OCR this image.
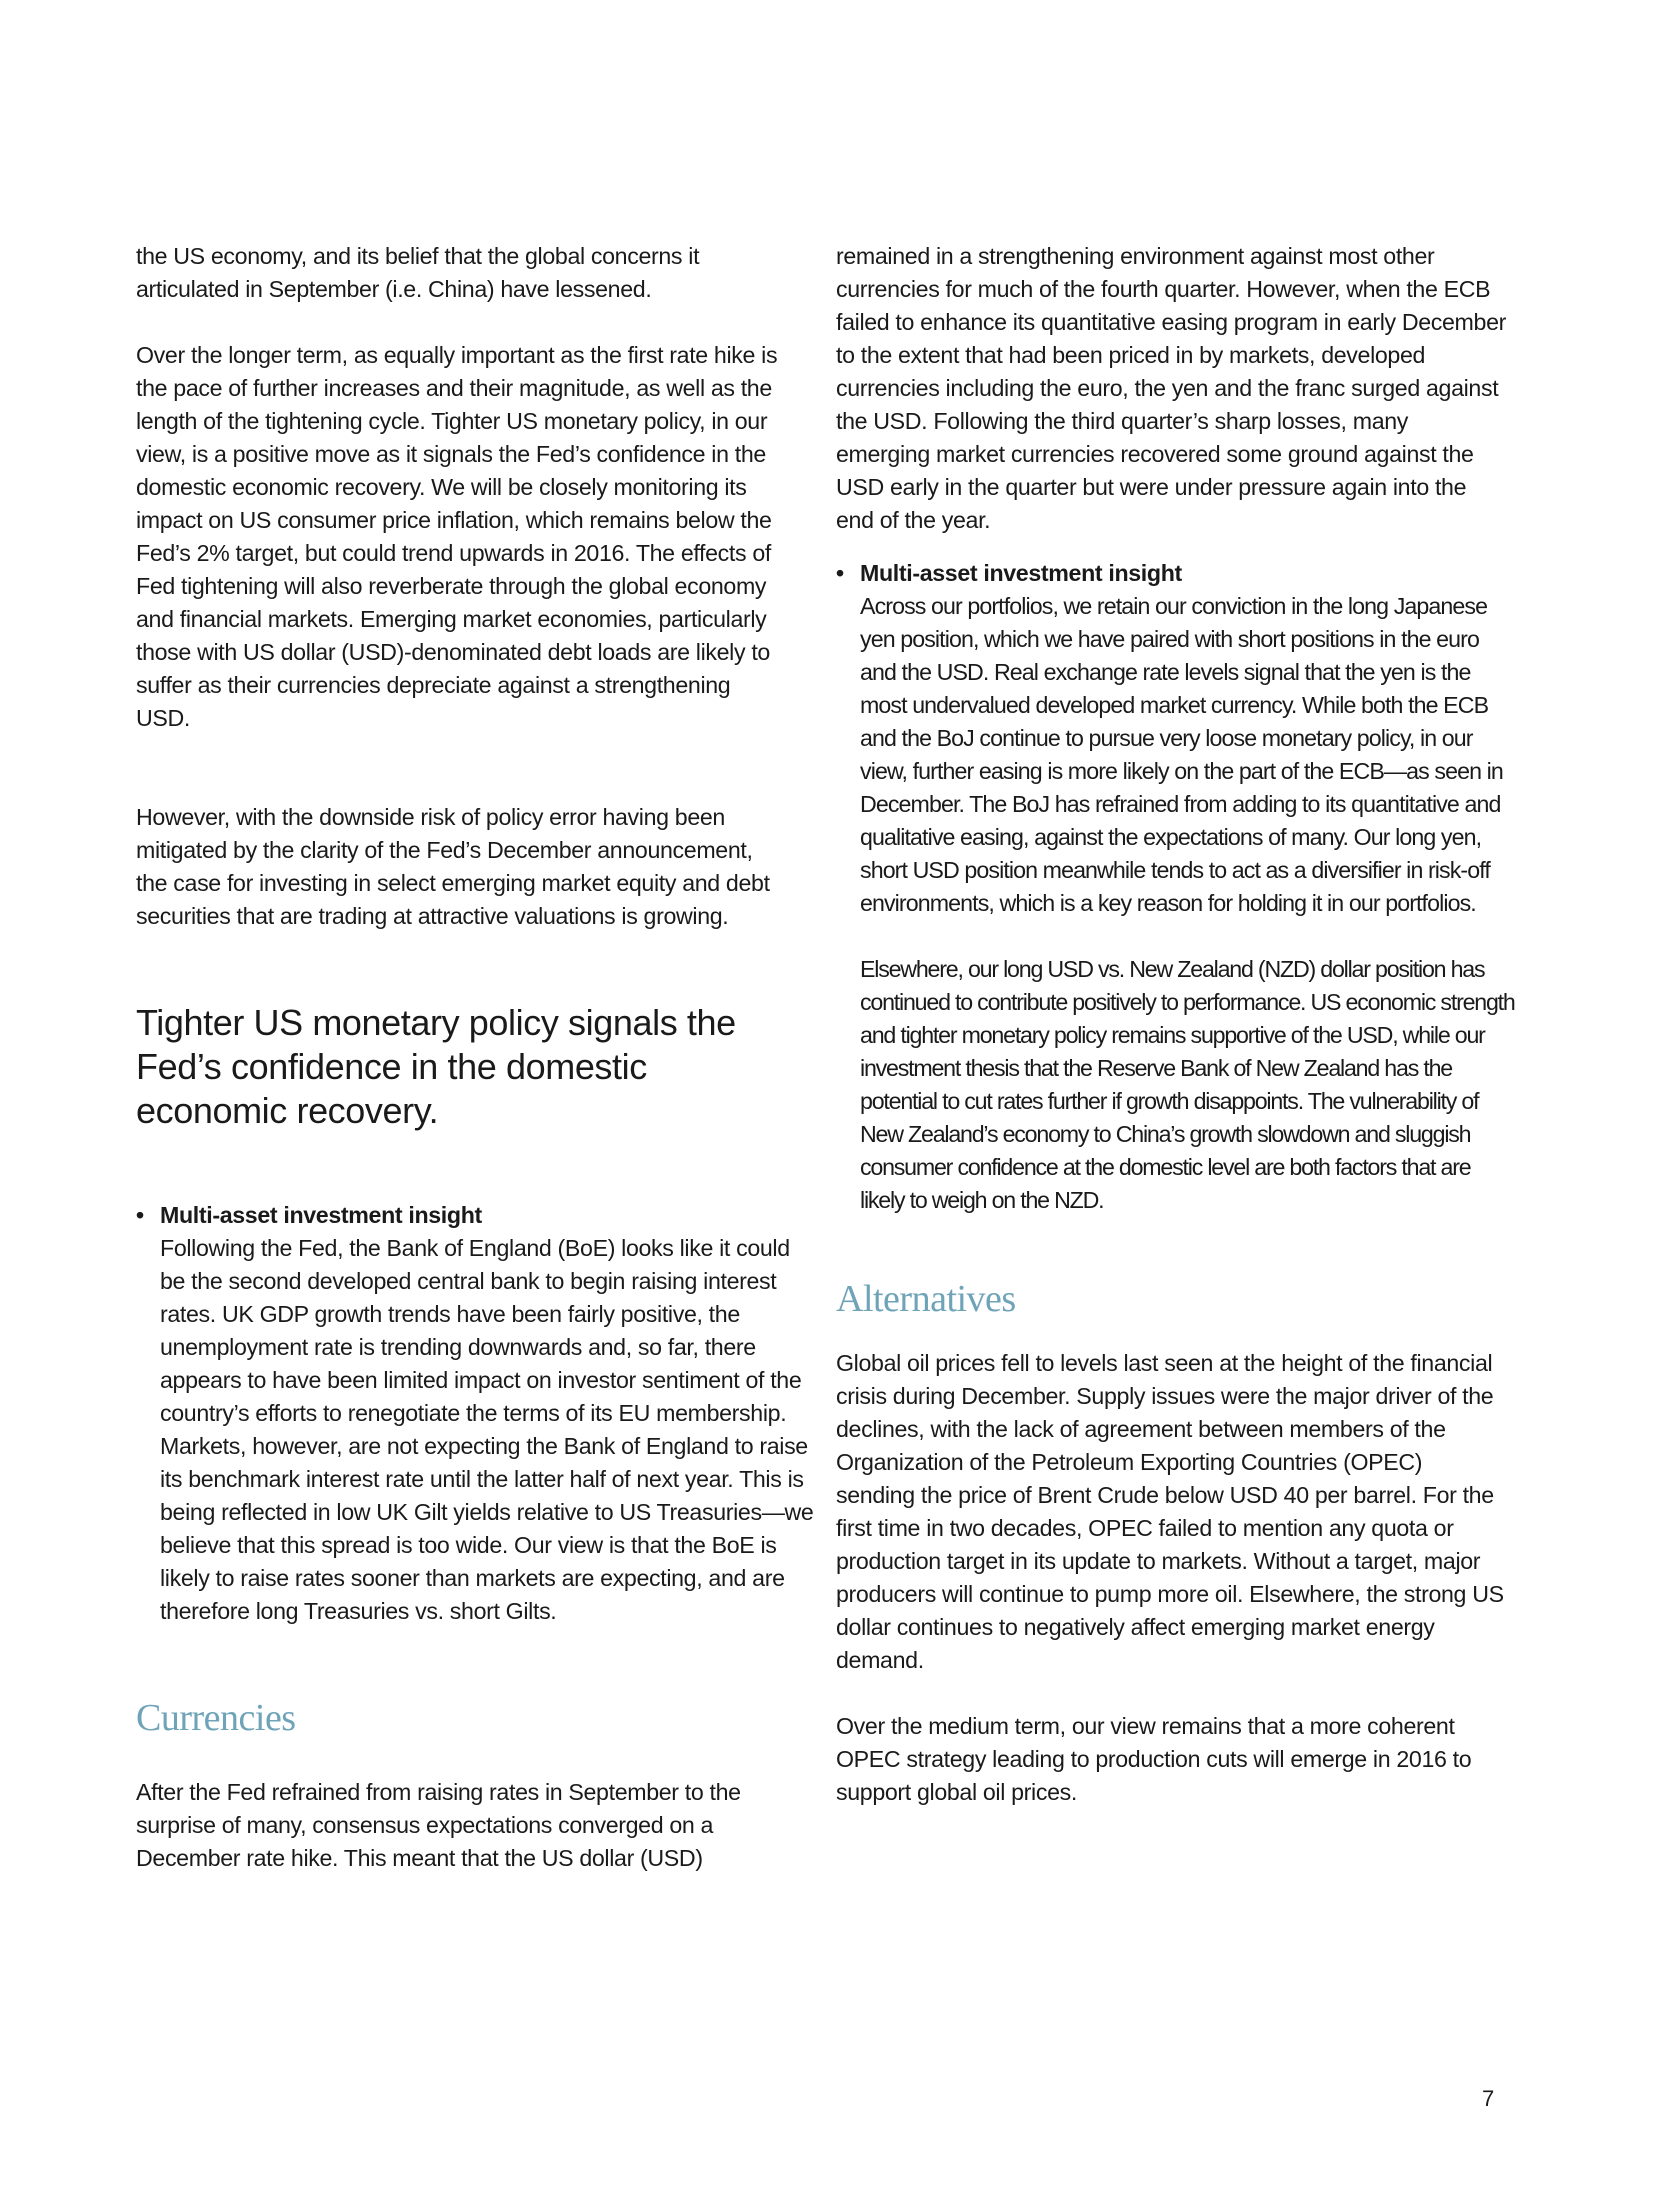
the US economy, and its belief that the global concerns it articulated in September (i.e. China) have lessened.

Over the longer term, as equally important as the first rate hike is the pace of further increases and their magnitude, as well as the length of the tightening cycle. Tighter US monetary policy, in our view, is a positive move as it signals the Fed’s confidence in the domestic economic recovery. We will be closely monitoring its impact on US consumer price inflation, which remains below the Fed’s 2% target, but could trend upwards in 2016. The effects of Fed tightening will also reverberate through the global economy and financial markets. Emerging market economies, particularly those with US dollar (USD)-denominated debt loads are likely to suffer as their currencies depreciate against a strengthening USD.

However, with the downside risk of policy error having been mitigated by the clarity of the Fed’s December announcement, the case for investing in select emerging market equity and debt securities that are trading at attractive valuations is growing.

Tighter US monetary policy signals the Fed’s confidence in the domestic economic recovery.

• Multi-asset investment insight

Following the Fed, the Bank of England (BoE) looks like it could be the second developed central bank to begin raising interest rates. UK GDP growth trends have been fairly positive, the unemployment rate is trending downwards and, so far, there appears to have been limited impact on investor sentiment of the country’s efforts to renegotiate the terms of its EU membership. Markets, however, are not expecting the Bank of England to raise its benchmark interest rate until the latter half of next year. This is being reflected in low UK Gilt yields relative to US Treasuries—we believe that this spread is too wide. Our view is that the BoE is likely to raise rates sooner than markets are expecting, and are therefore long Treasuries vs. short Gilts.

Currencies

After the Fed refrained from raising rates in September to the surprise of many, consensus expectations converged on a December rate hike. This meant that the US dollar (USD)

remained in a strengthening environment against most other currencies for much of the fourth quarter. However, when the ECB failed to enhance its quantitative easing program in early December to the extent that had been priced in by markets, developed currencies including the euro, the yen and the franc surged against the USD. Following the third quarter’s sharp losses, many emerging market currencies recovered some ground against the USD early in the quarter but were under pressure again into the end of the year.

• Multi-asset investment insight

Across our portfolios, we retain our conviction in the long Japanese yen position, which we have paired with short positions in the euro and the USD. Real exchange rate levels signal that the yen is the most undervalued developed market currency. While both the ECB and the BoJ continue to pursue very loose monetary policy, in our view, further easing is more likely on the part of the ECB—as seen in December. The BoJ has refrained from adding to its quantitative and qualitative easing, against the expectations of many. Our long yen, short USD position meanwhile tends to act as a diversifier in risk-off environments, which is a key reason for holding it in our portfolios.

Elsewhere, our long USD vs. New Zealand (NZD) dollar position has continued to contribute positively to performance. US economic strength and tighter monetary policy remains supportive of the USD, while our investment thesis that the Reserve Bank of New Zealand has the potential to cut rates further if growth disappoints. The vulnerability of New Zealand’s economy to China’s growth slowdown and sluggish consumer confidence at the domestic level are both factors that are likely to weigh on the NZD.

Alternatives

Global oil prices fell to levels last seen at the height of the financial crisis during December. Supply issues were the major driver of the declines, with the lack of agreement between members of the Organization of the Petroleum Exporting Countries (OPEC) sending the price of Brent Crude below USD 40 per barrel. For the first time in two decades, OPEC failed to mention any quota or production target in its update to markets. Without a target, major producers will continue to pump more oil. Elsewhere, the strong US dollar continues to negatively affect emerging market energy demand.

Over the medium term, our view remains that a more coherent OPEC strategy leading to production cuts will emerge in 2016 to support global oil prices.

7
